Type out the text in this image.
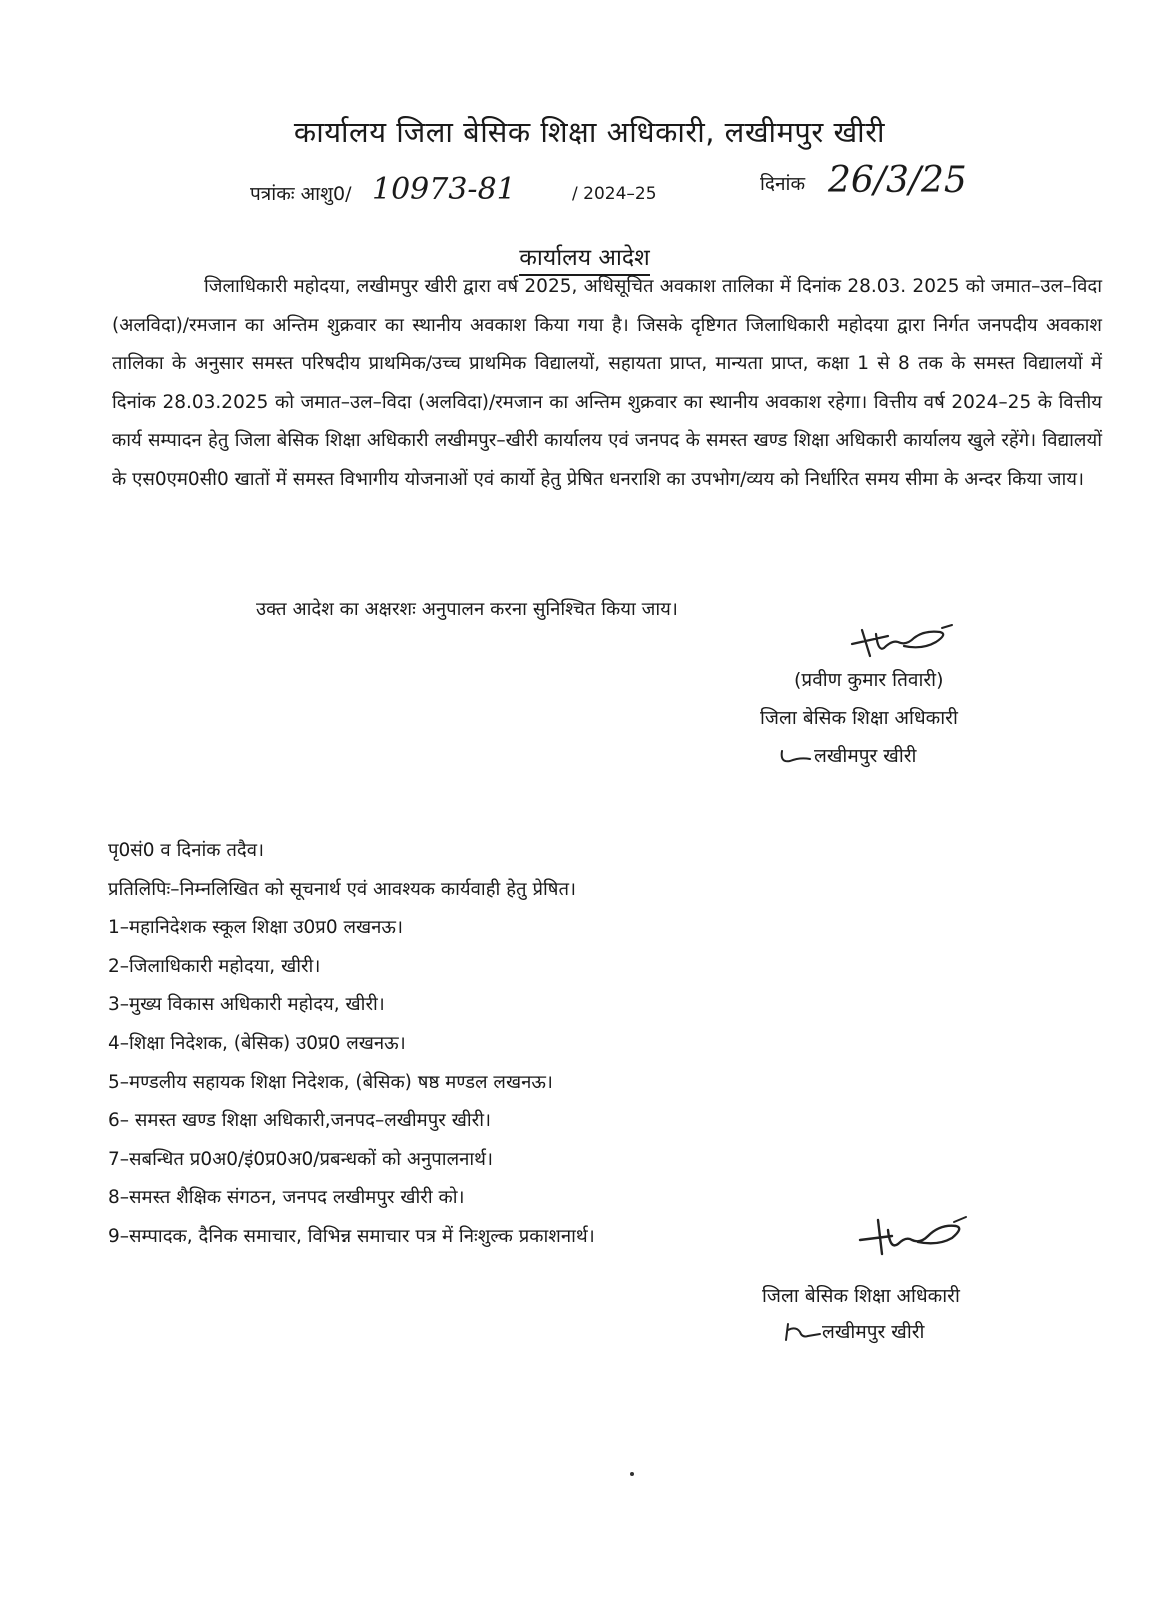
कार्यालय जिला बेसिक शिक्षा अधिकारी, लखीमपुर खीरी
पत्रांकः आशु0/ 10973-81	/ 2024–25	दिनांक 26/3/25
कार्यालय आदेश
जिलाधिकारी महोदया, लखीमपुर खीरी द्वारा वर्ष 2025, अधिसूचित अवकाश तालिका में दिनांक 28.03. 2025 को जमात–उल–विदा (अलविदा)/रमजान का अन्तिम शुक्रवार का स्थानीय अवकाश किया गया है। जिसके दृष्टिगत जिलाधिकारी महोदया द्वारा निर्गत जनपदीय अवकाश तालिका के अनुसार समस्त परिषदीय प्राथमिक/उच्च प्राथमिक विद्यालयों, सहायता प्राप्त, मान्यता प्राप्त, कक्षा 1 से 8 तक के समस्त विद्यालयों में दिनांक 28.03.2025 को जमात–उल–विदा (अलविदा)/रमजान का अन्तिम शुक्रवार का स्थानीय अवकाश रहेगा। वित्तीय वर्ष 2024–25 के वित्तीय कार्य सम्पादन हेतु जिला बेसिक शिक्षा अधिकारी लखीमपुर–खीरी कार्यालय एवं जनपद के समस्त खण्ड शिक्षा अधिकारी कार्यालय खुले रहेंगे। विद्यालयों के एस0एम0सी0 खातों में समस्त विभागीय योजनाओं एवं कार्यो हेतु प्रेषित धनराशि का उपभोग/व्यय को निर्धारित समय सीमा के अन्दर किया जाय।
उक्त आदेश का अक्षरशः अनुपालन करना सुनिश्चित किया जाय।
(प्रवीण कुमार तिवारी)
जिला बेसिक शिक्षा अधिकारी
लखीमपुर खीरी
पृ0सं0 व दिनांक तदैव।
प्रतिलिपिः–निम्नलिखित को सूचनार्थ एवं आवश्यक कार्यवाही हेतु प्रेषित।
1–महानिदेशक स्कूल शिक्षा उ0प्र0 लखनऊ।
2–जिलाधिकारी महोदया, खीरी।
3–मुख्य विकास अधिकारी महोदय, खीरी।
4–शिक्षा निदेशक, (बेसिक) उ0प्र0 लखनऊ।
5–मण्डलीय सहायक शिक्षा निदेशक, (बेसिक) षष्ठ मण्डल लखनऊ।
6– समस्त खण्ड शिक्षा अधिकारी,जनपद–लखीमपुर खीरी।
7–सबन्धित प्र0अ0/इं0प्र0अ0/प्रबन्धकों को अनुपालनार्थ।
8–समस्त शैक्षिक संगठन, जनपद लखीमपुर खीरी को।
9–सम्पादक, दैनिक समाचार, विभिन्न समाचार पत्र में निःशुल्क प्रकाशनार्थ।
जिला बेसिक शिक्षा अधिकारी
लखीमपुर खीरी
